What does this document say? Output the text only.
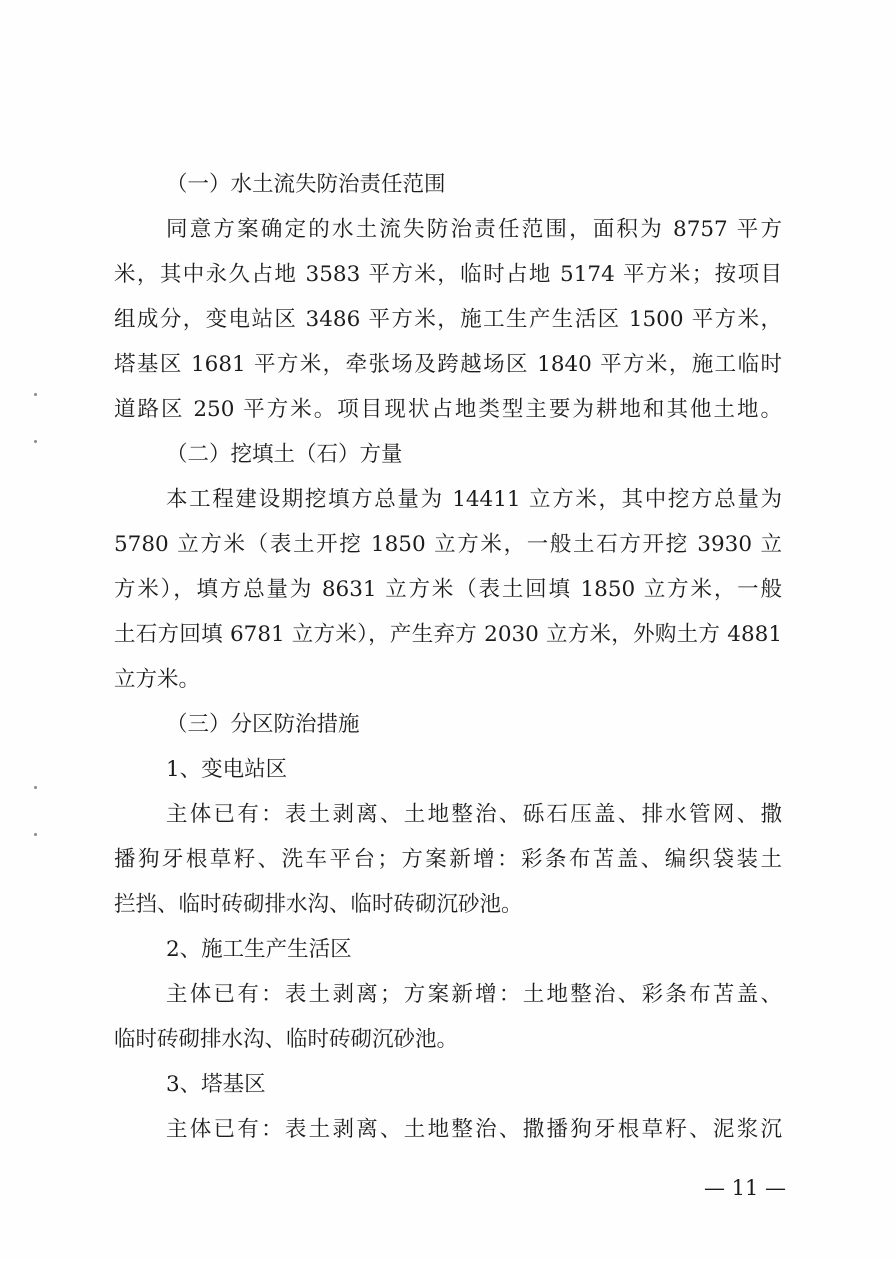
（一）水土流失防治责任范围
同意方案确定的水土流失防治责任范围，面积为 8757 平方
米，其中永久占地 3583 平方米，临时占地 5174 平方米；按项目
组成分，变电站区 3486 平方米，施工生产生活区 1500 平方米，
塔基区 1681 平方米，牵张场及跨越场区 1840 平方米，施工临时
道路区 250 平方米。项目现状占地类型主要为耕地和其他土地。
（二）挖填土（石）方量
本工程建设期挖填方总量为 14411 立方米，其中挖方总量为
5780 立方米（表土开挖 1850 立方米，一般土石方开挖 3930 立
方米），填方总量为 8631 立方米（表土回填 1850 立方米，一般
土石方回填 6781 立方米），产生弃方 2030 立方米，外购土方 4881
立方米。
（三）分区防治措施
1、变电站区
主体已有：表土剥离、土地整治、砾石压盖、排水管网、撒
播狗牙根草籽、洗车平台；方案新增：彩条布苫盖、编织袋装土
拦挡、临时砖砌排水沟、临时砖砌沉砂池。
2、施工生产生活区
主体已有：表土剥离；方案新增：土地整治、彩条布苫盖、
临时砖砌排水沟、临时砖砌沉砂池。
3、塔基区
主体已有：表土剥离、土地整治、撒播狗牙根草籽、泥浆沉
— 11 —
